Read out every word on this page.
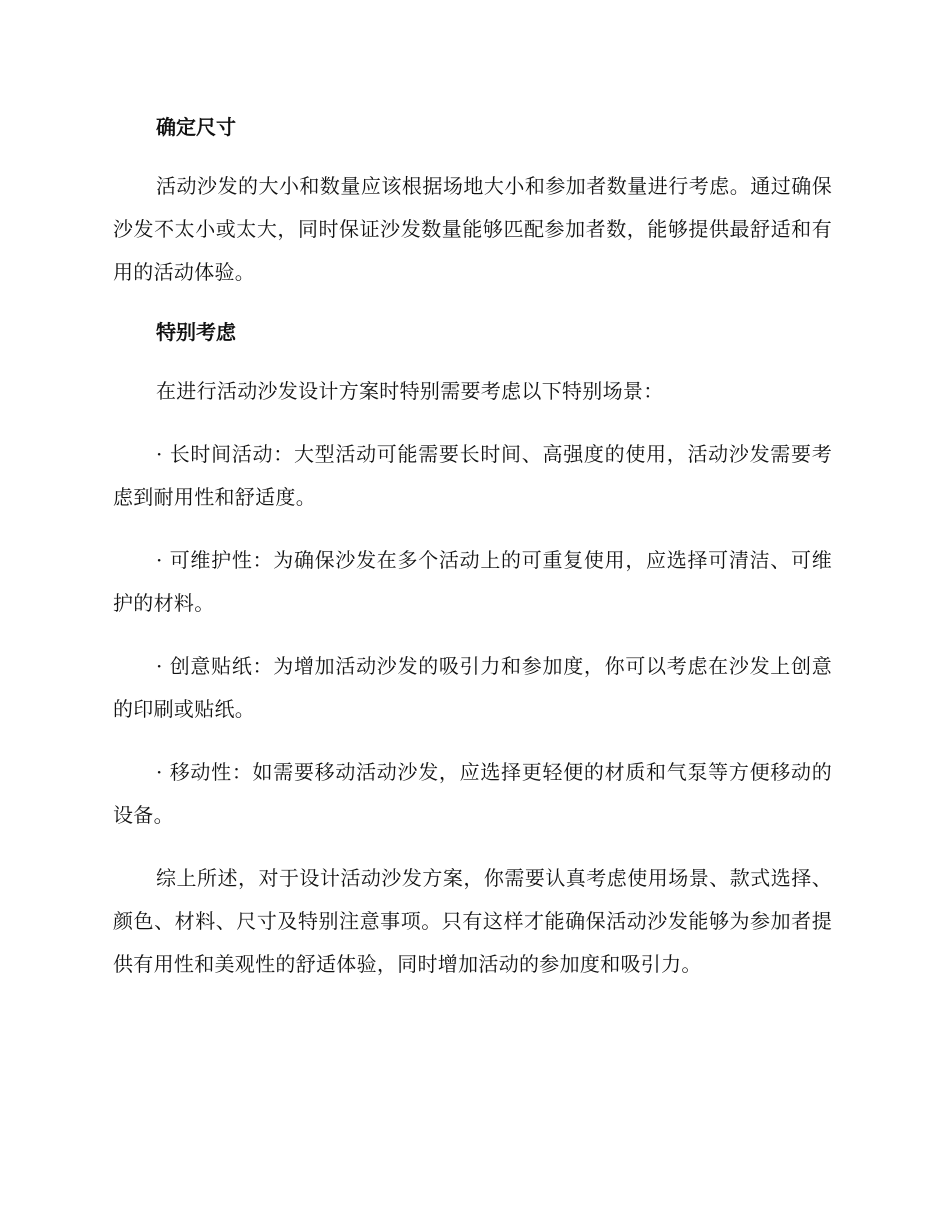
确定尺寸

活动沙发的大小和数量应该根据场地大小和参加者数量进行考虑。通过确保沙发不太小或太大，同时保证沙发数量能够匹配参加者数，能够提供最舒适和有用的活动体验。

特别考虑

在进行活动沙发设计方案时特别需要考虑以下特别场景：

· 长时间活动：大型活动可能需要长时间、高强度的使用，活动沙发需要考虑到耐用性和舒适度。

· 可维护性：为确保沙发在多个活动上的可重复使用，应选择可清洁、可维护的材料。

· 创意贴纸：为增加活动沙发的吸引力和参加度，你可以考虑在沙发上创意的印刷或贴纸。

· 移动性：如需要移动活动沙发，应选择更轻便的材质和气泵等方便移动的设备。

综上所述，对于设计活动沙发方案，你需要认真考虑使用场景、款式选择、颜色、材料、尺寸及特别注意事项。只有这样才能确保活动沙发能够为参加者提供有用性和美观性的舒适体验，同时增加活动的参加度和吸引力。
